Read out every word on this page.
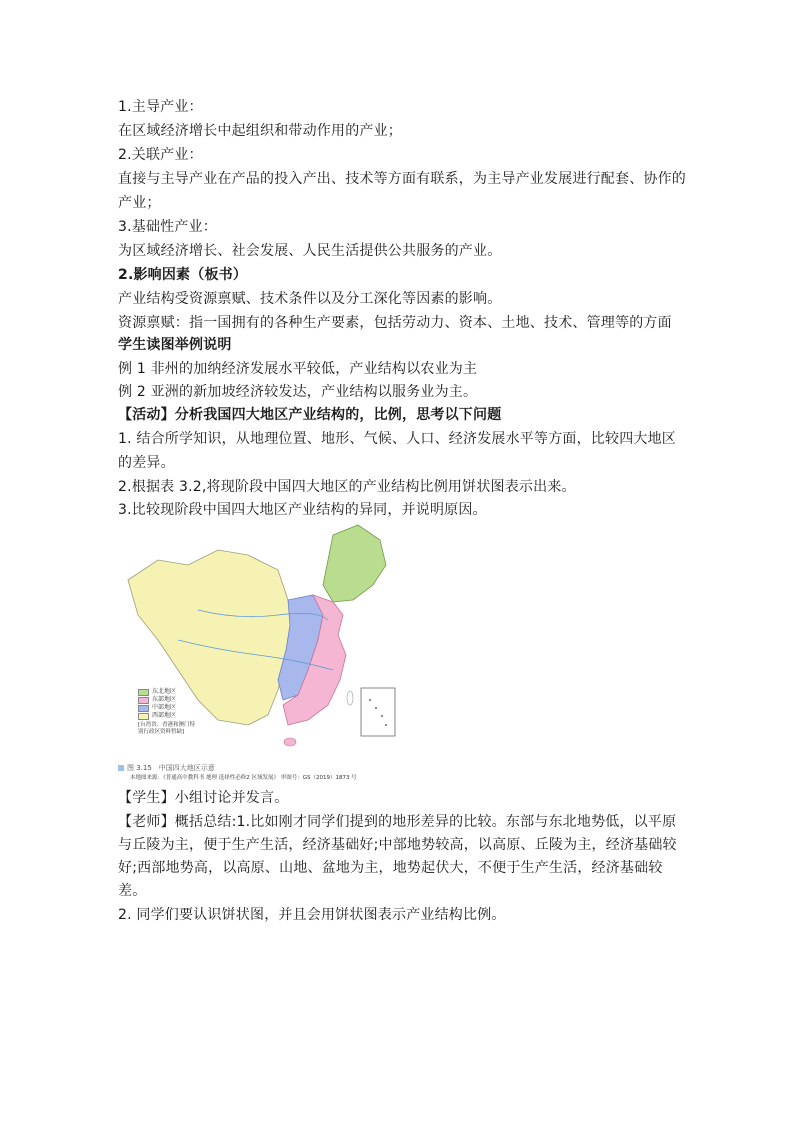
1.主导产业：
在区域经济增长中起组织和带动作用的产业；
2.关联产业：
直接与主导产业在产品的投入产出、技术等方面有联系，为主导产业发展进行配套、协作的
产业；
3.基础性产业：
为区域经济增长、社会发展、人民生活提供公共服务的产业。
2.影响因素（板书）
产业结构受资源禀赋、技术条件以及分工深化等因素的影响。
资源禀赋：指一国拥有的各种生产要素，包括劳动力、资本、土地、技术、管理等的方面
学生读图举例说明
例 1 非州的加纳经济发展水平较低，产业结构以农业为主
例 2 亚洲的新加坡经济较发达，产业结构以服务业为主。
【活动】分析我国四大地区产业结构的，比例，思考以下问题
1. 结合所学知识，从地理位置、地形、气候、人口、经济发展水平等方面，比较四大地区
的差异。
2.根据表 3.2,将现阶段中国四大地区的产业结构比例用饼状图表示出来。
3.比较现阶段中国四大地区产业结构的异同，并说明原因。
东北地区
东部地区
中部地区
西部地区
[台湾省、香港和澳门特别行政区资料暂缺]
图 3.15　中国四大地区示意
本地图来源：《普通高中教科书 地理 选择性必修2 区域发展》 审图号：GS（2019）1873 号
【学生】小组讨论并发言。
【老师】概括总结:1.比如刚才同学们提到的地形差异的比较。东部与东北地势低，以平原
与丘陵为主，便于生产生活，经济基础好;中部地势较高，以高原、丘陵为主，经济基础较
好;西部地势高，以高原、山地、盆地为主，地势起伏大，不便于生产生活，经济基础较
差。
2. 同学们要认识饼状图，并且会用饼状图表示产业结构比例。
